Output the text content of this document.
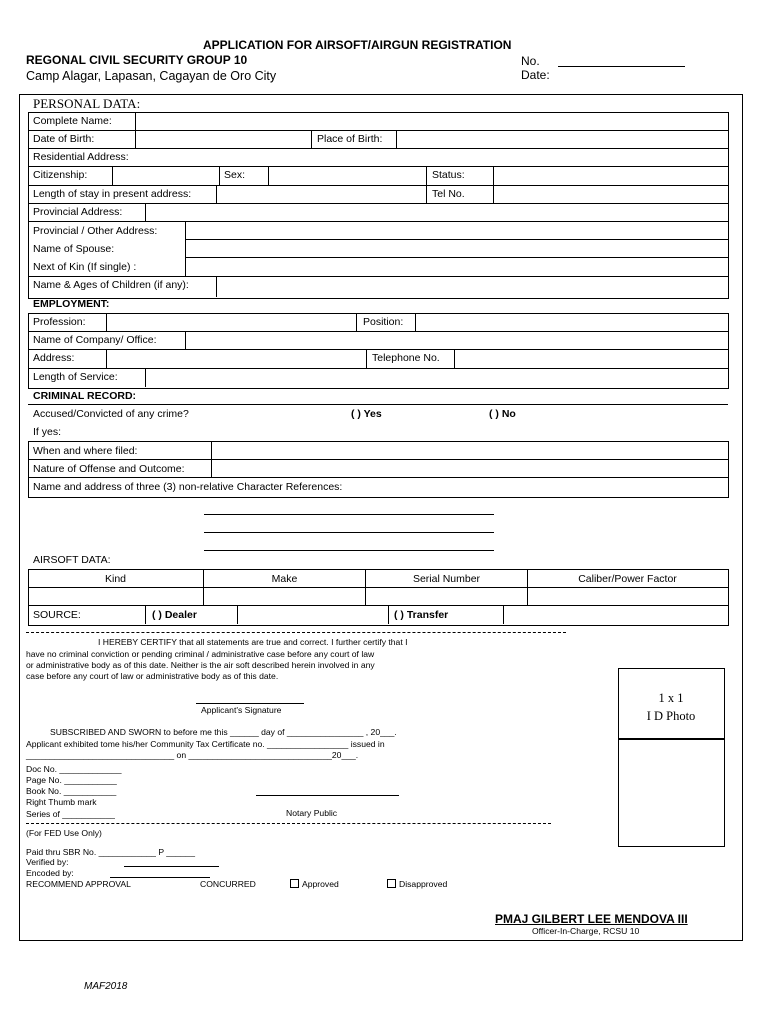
APPLICATION FOR AIRSOFT/AIRGUN REGISTRATION
REGONAL CIVIL SECURITY GROUP 10
Camp Alagar, Lapasan, Cagayan de Oro City
No.
Date:
PERSONAL DATA:
Complete Name:
Date of Birth:	Place of Birth:
Residential Address:
Citizenship:	Sex:	Status:
Length of stay in present address:	Tel No.
Provincial Address:
Provincial / Other Address:
Name of Spouse:
Next of Kin (If single) :
Name & Ages of Children (if any):
EMPLOYMENT:
Profession:	Position:
Name of Company/ Office:
Address:	Telephone No.
Length of Service:
CRIMINAL RECORD:
Accused/Convicted of any crime?	( ) Yes	( ) No
If yes:
When and where filed:
Nature of Offense and Outcome:
Name and address of three (3) non-relative Character References:
AIRSOFT DATA:
Kind	Make	Serial Number	Caliber/Power Factor
SOURCE:	( ) Dealer	( ) Transfer
I HEREBY CERTIFY that all statements are true and correct. I further certify that I
have no criminal conviction or pending criminal / administrative case before any court of law
or administrative body as of this date. Neither is the air soft described herein involved in any
case before any court of law or administrative body as of this date.
Applicant's Signature
SUBSCRIBED AND SWORN to before me this ______ day of ________________ , 20___.
Applicant exhibited tome his/her Community Tax Certificate no. _________________ issued in
_______________________________ on ______________________________20___.
Doc No. _____________
Page No. ___________
Book No. ___________
Right Thumb mark
Series of ___________	Notary Public
1 x 1
I D Photo
(For FED Use Only)
Paid thru SBR No. ____________ P ______
Verified by:
Encoded by:
RECOMMEND APPROVAL	CONCURRED	Approved	Disapproved
PMAJ GILBERT LEE MENDOVA III
Officer-In-Charge, RCSU 10
MAF2018
